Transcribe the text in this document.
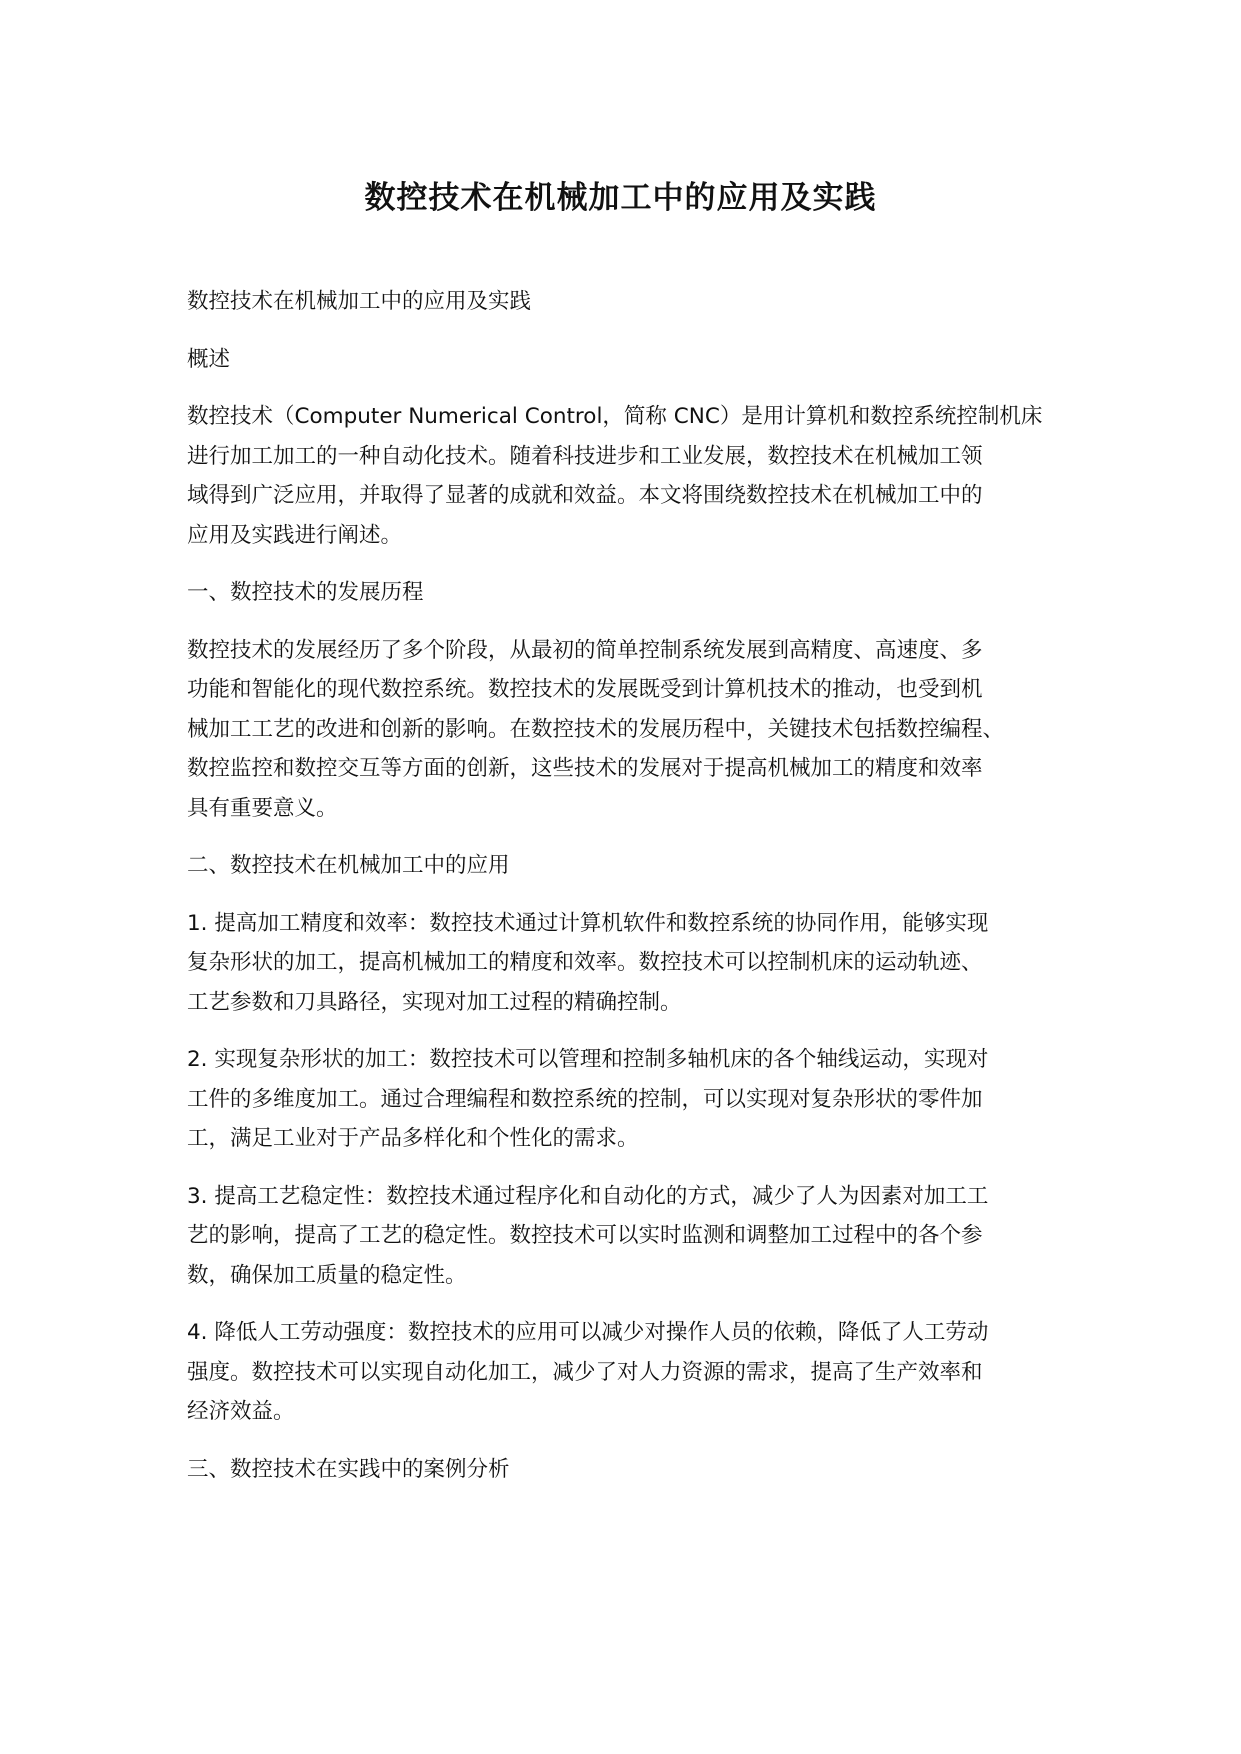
数控技术在机械加工中的应用及实践

数控技术在机械加工中的应用及实践

概述

数控技术（Computer Numerical Control，简称 CNC）是用计算机和数控系统控制机床
进行加工加工的一种自动化技术。随着科技进步和工业发展，数控技术在机械加工领
域得到广泛应用，并取得了显著的成就和效益。本文将围绕数控技术在机械加工中的
应用及实践进行阐述。

一、数控技术的发展历程

数控技术的发展经历了多个阶段，从最初的简单控制系统发展到高精度、高速度、多
功能和智能化的现代数控系统。数控技术的发展既受到计算机技术的推动，也受到机
械加工工艺的改进和创新的影响。在数控技术的发展历程中，关键技术包括数控编程、
数控监控和数控交互等方面的创新，这些技术的发展对于提高机械加工的精度和效率
具有重要意义。

二、数控技术在机械加工中的应用

1. 提高加工精度和效率：数控技术通过计算机软件和数控系统的协同作用，能够实现
复杂形状的加工，提高机械加工的精度和效率。数控技术可以控制机床的运动轨迹、
工艺参数和刀具路径，实现对加工过程的精确控制。

2. 实现复杂形状的加工：数控技术可以管理和控制多轴机床的各个轴线运动，实现对
工件的多维度加工。通过合理编程和数控系统的控制，可以实现对复杂形状的零件加
工，满足工业对于产品多样化和个性化的需求。

3. 提高工艺稳定性：数控技术通过程序化和自动化的方式，减少了人为因素对加工工
艺的影响，提高了工艺的稳定性。数控技术可以实时监测和调整加工过程中的各个参
数，确保加工质量的稳定性。

4. 降低人工劳动强度：数控技术的应用可以减少对操作人员的依赖，降低了人工劳动
强度。数控技术可以实现自动化加工，减少了对人力资源的需求，提高了生产效率和
经济效益。

三、数控技术在实践中的案例分析
